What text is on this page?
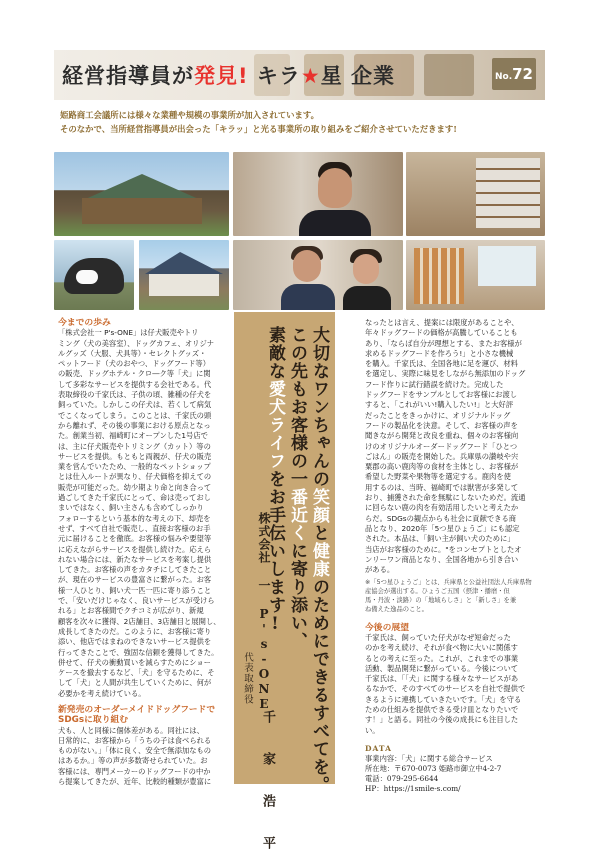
経営指導員が発見! キラ★星 企業	No.72
姫路商工会議所には様々な業種や規模の事業所が加入されています。
そのなかで、当所経営指導員が出会った「キラッ」と光る事業所の取り組みをご紹介させていただきます!
大切なワンちゃんの笑顔と健康のためにできるすべてを。
この先もお客様の一番近くに寄り添い、
素敵な愛犬ライフをお手伝いします!
株式会社 一 P's-ONE
代表取締役
千 家 浩 平
今までの歩み
「株式会社一 P's-ONE」は仔犬販売やトリ
ミング（犬の美容室）、ドッグカフェ、オリジナ
ルグッズ（大服、犬具等）・セレクトグッズ・
ペットフード（犬のおやつ、ドッグフード等）
の販売、ドッグホテル・クロ―ク等「犬」に関
して多彩なサービスを提供する会社である。代
表取締役の千家氏は、子供の頃、雑種の仔犬を
飼っていた。しかしこの仔犬は、若くして病気
でこくなってしまう。このことは、千家氏の頭
から離れず、その後の事業における原点となっ
た。創業当初、福崎町にオープンした1号店で
は、主に仔犬販売やトリミング（カット）等の
サービスを提供。もともと両親が、仔犬の販売
業を営んでいたため、一般的なペットショップ
とは仕入ルートが異なり、仔犬価格を抑えての
販売が可能だった。幼少期より命と向き合って
過ごしてきた千家氏にとって、命は売っておし
まいではなく、飼い主さんも含めてしっかり
フォローするという基本的な考えの下、却売を
せず、すべて自社で販売し、直接お客様のお手
元に届けることを徹底。お客様の悩みや要望等
に応えながらサービスを提供し続けた。応えら
れない場合には、新たなサービスを考案し提供
してきた。お客様の声をカタチにしてきたこと
が、現在のサービスの豊富さに繋がった。お客
様一人ひとり、飼い犬一匹一匹に寄り添うこと
で、「安いだけじゃなく、良いサービスが受けら
れる」とお客様間でクチコミが広がり、新規
顧客を次々に獲得、2店舗目、3店舗目と展開し、
成長してきたのだ。このように、お客様に寄り
添い、他店ではまねのできないサービス提供を
行ってきたことで、強固な信頼を獲得してきた。
併せて、仔犬の衝動買いを減らすためにショー
ケースを撤去するなど、「犬」を守るために、そ
して「犬」と人間が共生していくために、何が
必要かを考え続けている。
新発売のオーダーメイドドッグフードで
SDGsに取り組む
犬も、人と同様に個体差がある。同社には、
日常的に、お客様から「うちの子は食べられる
ものがない。」「体に良く、安全で無添加なもの
はあるか。」等の声が多数寄せられていた。お
客様には、専門メーカーのドッグフードの中か
ら提案してきたが、近年、比較的種類が豊富に
なったとは言え、提案には限度があることや、
年々ドッグフードの価格が高騰していることも
あり、「ならば自分が理想とする、またお客様が
求めるドッグフードを作ろう!」と小さな機械
を購入。千家氏は、全国各地に足を運び、材料
を選定し、実際に味見をしながら無添加のドッグ
フード作りに試行錯誤を続けた。完成した
ドッグフードをサンプルとしてお客様にお渡し
すると、「これがいい!購入したい!」と大好評
だったことをきっかけに、オリジナルドッグ
フードの製品化を決意。そして、お客様の声を
聞きながら開発と改良を重ね、個々のお客様向
けのオリジナルオーダードッグフード「ひとつ
ごはん」の販売を開始した。兵庫県の讃岐や宍
粟郡の高い鹿肉等の食材を主体とし、お客様が
希望した野菜や果物等を選定する。鹿肉を使
用するのは、当時、福崎町では獣害が多発して
おり、捕獲された命を無駄にしないためだ。流通
に回らない鹿の肉を有効活用したいと考えたか
らだ。SDGsの観点からも社会に貢献できる商
品となり、2020年「5つ星ひょうご」にも認定
された。本品は、「飼い主が飼い犬のために」
当店がお客様のために。"をコンセプトとしたオ
ンリーワン商品となり、全国各地から引き合い
がある。
※「5つ星ひょうご」とは、兵庫県と公益社団法人兵庫県物
産協会が選出する。ひょうご五国（摂津・播磨・但
馬・丹波・淡路）の「地域らしさ」と「新しさ」を兼
ね備えた逸品のこと。
今後の展望
千家氏は、飼っていた仔犬がなぜ短命だった
のかを考え続け、それが食べ物に大いに関係す
るとの考えに至った。これが、これまでの事業
活動、製品開発に繋がっている。今後について
千家氏は、「「犬」に関する様々なサービスがあ
るなかで、そのすべてのサービスを自社で提供で
きるように連携していきたいです。「犬」を守る
ための仕組みを提供できる受け皿となりたいで
す！」と語る。同社の今後の成長にも注目した
い。
DATA
事業内容：「犬」に関する総合サービス
所在地：〒670-0073 姫路市御立中4-2-7
電話：079-295-6644
HP：https://1smile-s.com/
